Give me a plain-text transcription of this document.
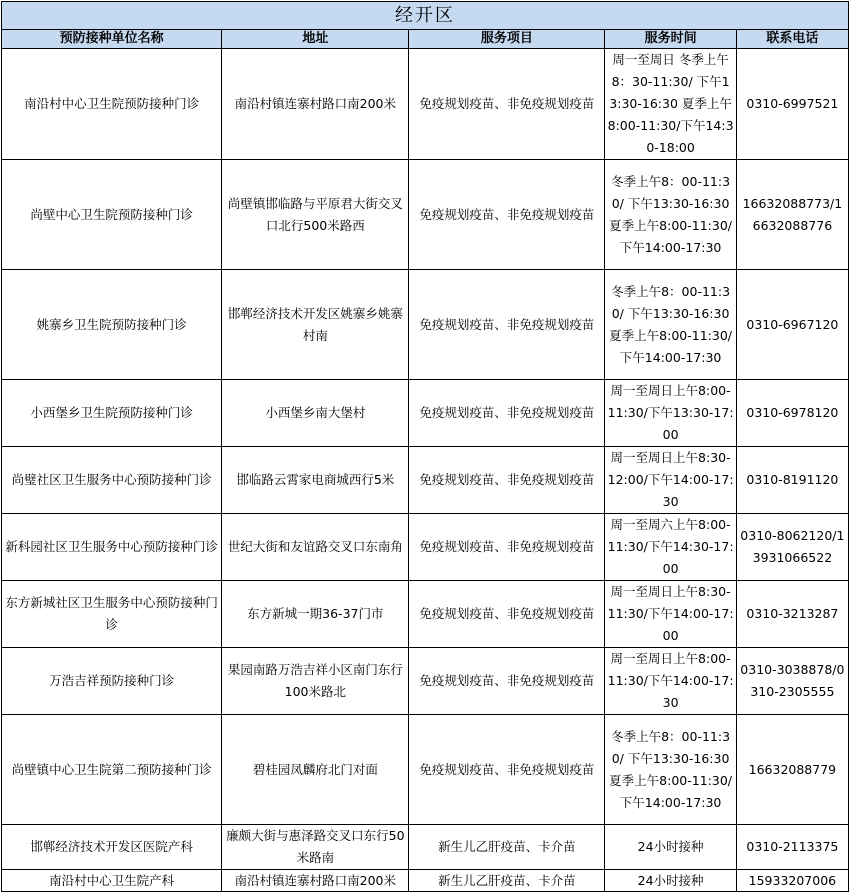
经开区				
预防接种单位名称	地址	服务项目	服务时间	联系电话
南沿村中心卫生院预防接种门诊	南沿村镇连寨村路口南200米	免疫规划疫苗、非免疫规划疫苗	周一至周日 冬季上午8：30-11:30/ 下午13:30-16:30 夏季上午8:00-11:30/下午14:30-18:00	0310-6997521
尚壁中心卫生院预防接种门诊	尚壁镇邯临路与平原君大街交叉口北行500米路西	免疫规划疫苗、非免疫规划疫苗	冬季上午8：00-11:30/ 下午13:30-16:30 夏季上午8:00-11:30/下午14:00-17:30	16632088773/16632088776
姚寨乡卫生院预防接种门诊	邯郸经济技术开发区姚寨乡姚寨村南	免疫规划疫苗、非免疫规划疫苗	冬季上午8：00-11:30/ 下午13:30-16:30 夏季上午8:00-11:30/下午14:00-17:30	0310-6967120
小西堡乡卫生院预防接种门诊	小西堡乡南大堡村	免疫规划疫苗、非免疫规划疫苗	周一至周日上午8:00-11:30/下午13:30-17:00	0310-6978120
尚璧社区卫生服务中心预防接种门诊	邯临路云霄家电商城西行5米	免疫规划疫苗、非免疫规划疫苗	周一至周日上午8:30-12:00/下午14:00-17:30	0310-8191120
新科园社区卫生服务中心预防接种门诊	世纪大街和友谊路交叉口东南角	免疫规划疫苗、非免疫规划疫苗	周一至周六上午8:00-11:30/下午14:30-17:00	0310-8062120/13931066522
东方新城社区卫生服务中心预防接种门诊	东方新城一期36-37门市	免疫规划疫苗、非免疫规划疫苗	周一至周日上午8:30-11:30/下午14:00-17:00	0310-3213287
万浩吉祥预防接种门诊	果园南路万浩吉祥小区南门东行100米路北	免疫规划疫苗、非免疫规划疫苗	周一至周日上午8:00-11:30/下午14:00-17:30	0310-3038878/0310-2305555
尚壁镇中心卫生院第二预防接种门诊	碧桂园凤麟府北门对面	免疫规划疫苗、非免疫规划疫苗	冬季上午8：00-11:30/ 下午13:30-16:30 夏季上午8:00-11:30/下午14:00-17:30	16632088779
邯郸经济技术开发区医院产科	廉颇大街与惠泽路交叉口东行50米路南	新生儿乙肝疫苗、卡介苗	24小时接种	0310-2113375
南沿村中心卫生院产科	南沿村镇连寨村路口南200米	新生儿乙肝疫苗、卡介苗	24小时接种	15933207006
